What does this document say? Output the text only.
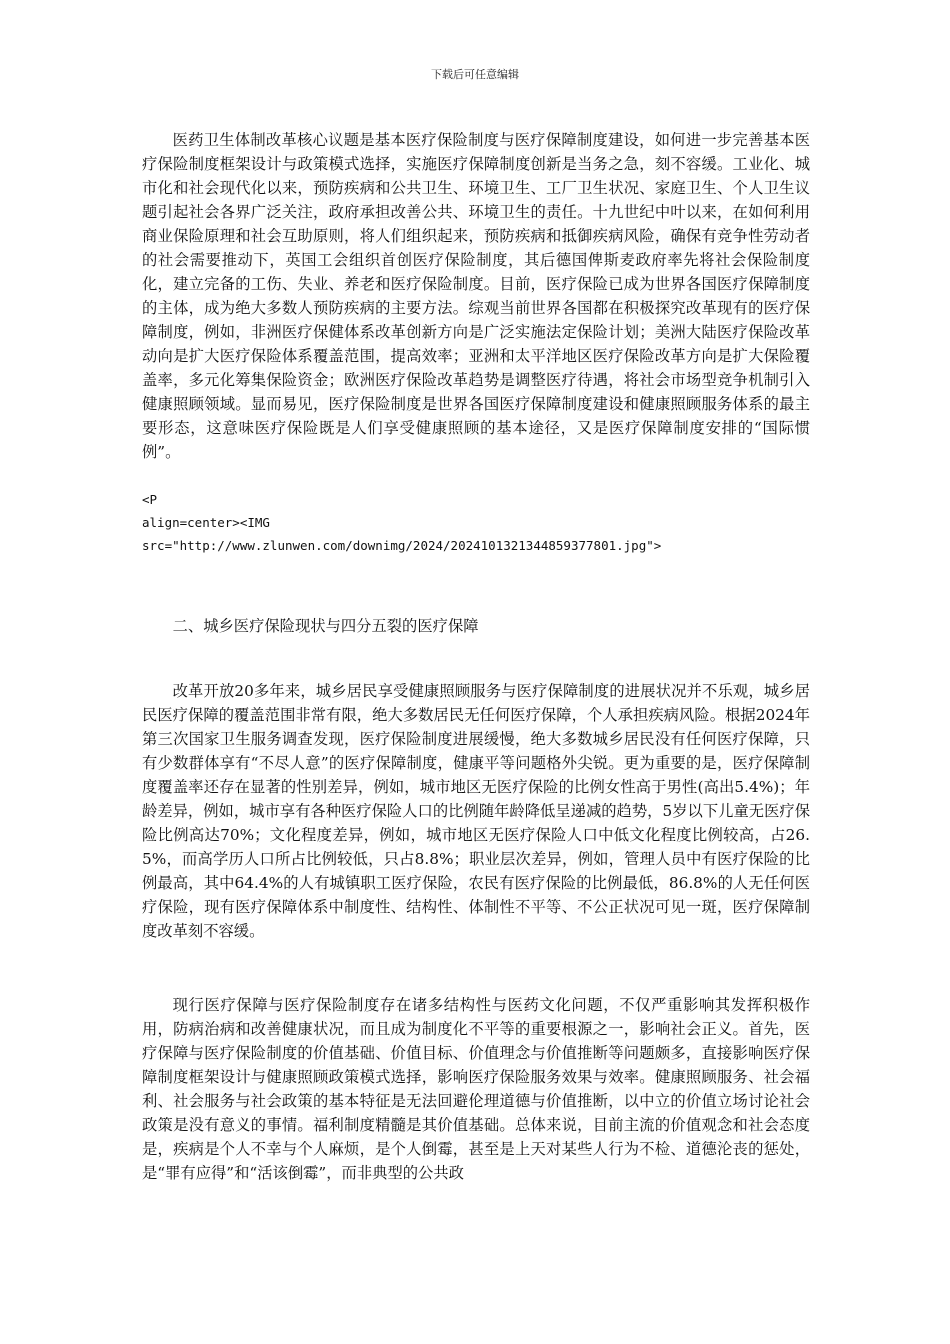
下载后可任意编辑

医药卫生体制改革核心议题是基本医疗保险制度与医疗保障制度建设，如何进一步完善基本医疗保险制度框架设计与政策模式选择，实施医疗保障制度创新是当务之急，刻不容缓。工业化、城市化和社会现代化以来，预防疾病和公共卫生、环境卫生、工厂卫生状况、家庭卫生、个人卫生议题引起社会各界广泛关注，政府承担改善公共、环境卫生的责任。十九世纪中叶以来，在如何利用商业保险原理和社会互助原则，将人们组织起来，预防疾病和抵御疾病风险，确保有竞争性劳动者的社会需要推动下，英国工会组织首创医疗保险制度，其后德国俾斯麦政府率先将社会保险制度化，建立完备的工伤、失业、养老和医疗保险制度。目前，医疗保险已成为世界各国医疗保障制度的主体，成为绝大多数人预防疾病的主要方法。综观当前世界各国都在积极探究改革现有的医疗保障制度，例如，非洲医疗保健体系改革创新方向是广泛实施法定保险计划；美洲大陆医疗保险改革动向是扩大医疗保险体系覆盖范围，提高效率；亚洲和太平洋地区医疗保险改革方向是扩大保险覆盖率，多元化筹集保险资金；欧洲医疗保险改革趋势是调整医疗待遇，将社会市场型竞争机制引入健康照顾领域。显而易见，医疗保险制度是世界各国医疗保障制度建设和健康照顾服务体系的最主要形态，这意味医疗保险既是人们享受健康照顾的基本途径，又是医疗保障制度安排的“国际惯例”。

<P
align=center><IMG
src="http://www.zlunwen.com/downimg/2024/2024101321344859377801.jpg">

二、城乡医疗保险现状与四分五裂的医疗保障

改革开放20多年来，城乡居民享受健康照顾服务与医疗保障制度的进展状况并不乐观，城乡居民医疗保障的覆盖范围非常有限，绝大多数居民无任何医疗保障，个人承担疾病风险。根据2024年第三次国家卫生服务调查发现，医疗保险制度进展缓慢，绝大多数城乡居民没有任何医疗保障，只有少数群体享有“不尽人意”的医疗保障制度，健康平等问题格外尖锐。更为重要的是，医疗保障制度覆盖率还存在显著的性别差异，例如，城市地区无医疗保险的比例女性高于男性(高出5.4%)；年龄差异，例如，城市享有各种医疗保险人口的比例随年龄降低呈递减的趋势，5岁以下儿童无医疗保险比例高达70%；文化程度差异，例如，城市地区无医疗保险人口中低文化程度比例较高，占26.5%，而高学历人口所占比例较低，只占8.8%；职业层次差异，例如，管理人员中有医疗保险的比例最高，其中64.4%的人有城镇职工医疗保险，农民有医疗保险的比例最低，86.8%的人无任何医疗保险，现有医疗保障体系中制度性、结构性、体制性不平等、不公正状况可见一斑，医疗保障制度改革刻不容缓。

现行医疗保障与医疗保险制度存在诸多结构性与医药文化问题，不仅严重影响其发挥积极作用，防病治病和改善健康状况，而且成为制度化不平等的重要根源之一，影响社会正义。首先，医疗保障与医疗保险制度的价值基础、价值目标、价值理念与价值推断等问题颇多，直接影响医疗保障制度框架设计与健康照顾政策模式选择，影响医疗保险服务效果与效率。健康照顾服务、社会福利、社会服务与社会政策的基本特征是无法回避伦理道德与价值推断，以中立的价值立场讨论社会政策是没有意义的事情。福利制度精髓是其价值基础。总体来说，目前主流的价值观念和社会态度是，疾病是个人不幸与个人麻烦，是个人倒霉，甚至是上天对某些人行为不检、道德沦丧的惩处，是“罪有应得”和“活该倒霉”，而非典型的公共政
